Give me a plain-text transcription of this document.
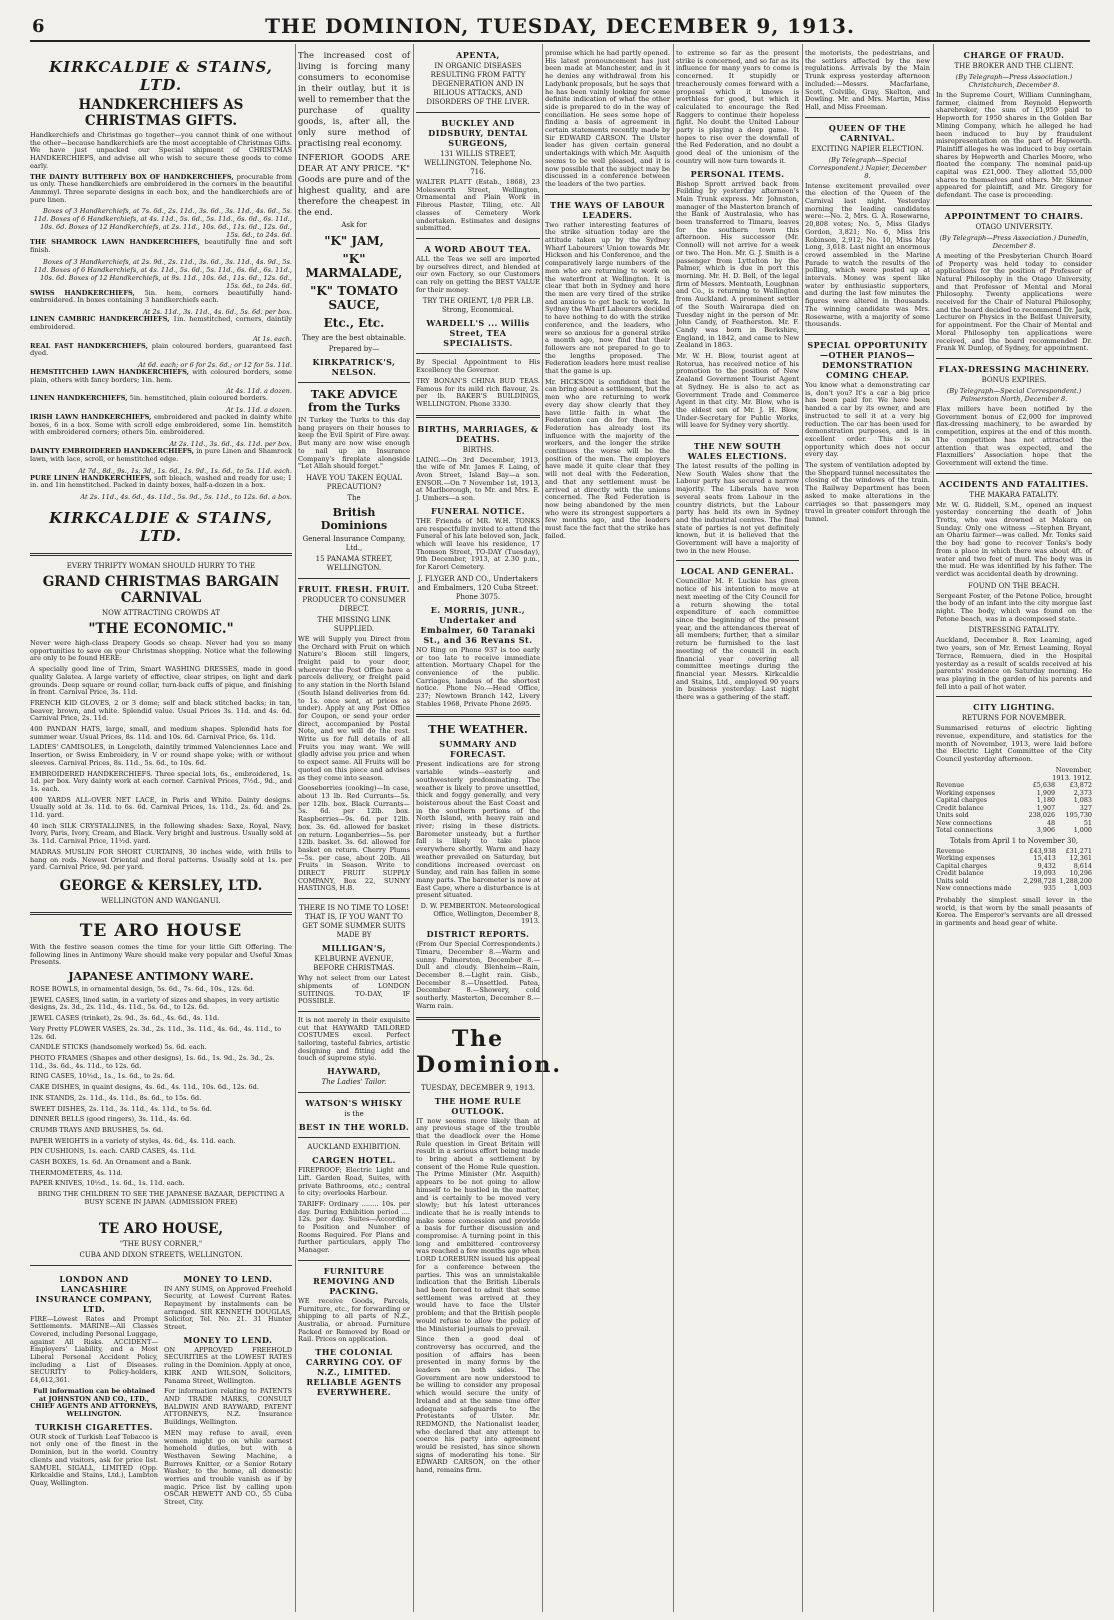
6	THE DOMINION, TUESDAY, DECEMBER 9, 1913.
KIRKCALDIE & STAINS, LTD.
HANDKERCHIEFS AS CHRISTMAS GIFTS.

Handkerchiefs and Christmas go together—you cannot think of one without the other—because handkerchiefs are the most acceptable of Christmas Gifts. We have just unpacked our Special shipment of CHRISTMAS HANDKERCHIEFS, and advise all who wish to secure these goods to come early.

THE DAINTY BUTTERFLY BOX OF HANDKERCHIEFS, procurable from us only. These handkerchiefs are embroidered in the corners in the beautiful Ammmyl. Three separate designs in each box, and the handkerchiefs are of pure linen.

Boxes of 3 Handkerchiefs, at 7s. 6d., 2s. 11d., 3s. 6d., 3s. 11d., 4s. 6d., 5s. 11d. Boxes of 6 Handkerchiefs, at 4s. 11d., 5s. 6d., 5s. 11d., 6s. 6d., 6s. 11d., 10s. 6d. Boxes of 12 Handkerchiefs, at 2s. 11d., 10s. 6d., 11s. 6d., 12s. 6d., 15s. 6d., to 24s. 6d.

THE SHAMROCK LAWN HANDKERCHIEFS, beautifully fine and soft finish.

Boxes of 3 Handkerchiefs, at 2s. 9d., 2s. 11d., 3s. 6d., 3s. 11d., 4s. 9d., 5s. 11d. Boxes of 6 Handkerchiefs, at 4s. 11d., 5s. 6d., 5s. 11d., 6s. 6d., 6s. 11d., 10s. 6d. Boxes of 12 Handkerchiefs, at 9s. 11d., 10s. 6d., 11s. 6d., 12s. 6d., 15s. 6d., to 24s. 6d.

SWISS HANDKERCHIEFS, 5in. hem, corners beautifully hand-embroidered. In boxes containing 3 handkerchiefs each.

At 2s. 11d., 3s. 11d., 4s. 6d., 5s. 6d. per box.

LINEN CAMBRIC HANDKERCHIEFS, 1in. hemstitched, corners, daintily embroidered.

At 1s. each.

REAL FAST HANDKERCHIEFS, plain coloured borders, guaranteed fast dyed.

At 6d. each; or 6 for 2s. 6d.; or 12 for 5s. 11d.

HEMSTITCHED LAWN HANDKERCHIEFS, with coloured borders, some plain, others with fancy borders; 1in. hem.

At 4s. 11d. a dozen.

LINEN HANDKERCHIEFS, 5in. hemstitched, plain coloured borders.

At 1s. 11d. a dozen.

IRISH LAWN HANDKERCHIEFS, embroidered and packed in dainty white boxes, 6 in a box. Some with scroll edge embroidered, some 1in. hemstitch with embroidered corners; others 5in. embroidered.

At 2s. 11d., 3s. 6d., 4s. 11d. per box.

DAINTY EMBROIDERED HANDKERCHIEFS, in pure Linen and Shamrock lawn, with lace, scroll, or hemstitched edge.

At 7d., 8d., 9s., 1s. 3d., 1s. 6d., 1s. 9d., 1s. 6d., to 5s. 11d. each.

PURE LINEN HANDKERCHIEFS, soft bleach, washed and ready for use; 1 in. and 1in hemstitched. Packed in dainty boxes, half-a-dozen in a box.

At 2s. 11d., 4s. 6d., 4s. 11d., 5s. 9d., 5s. 11d., to 12s. 6d. a box.
KIRKCALDIE & STAINS, LTD.
EVERY THRIFTY WOMAN SHOULD HURRY TO THE
GRAND CHRISTMAS BARGAIN CARNIVAL
NOW ATTRACTING CROWDS AT
"THE ECONOMIC."

Never were high-class Drapery Goods so cheap. Never had you so many opportunities to save on your Christmas shopping. Notice what the following are only to be found HERE:

A specially good line of Trim, Smart WASHING DRESSES, made in good quality Galatea. A large variety of effective, clear stripes, on light and dark grounds. Deep square or round collar, turn-back cuffs of pique, and finishing in front. Carnival Price, 3s. 11d.

FRENCH KID GLOVES, 2 or 3 dome; self and black stitched backs; in tan, beaver, brown, and white. Splendid value. Usual Prices 3s. 11d. and 4s. 6d. Carnival Price, 2s. 11d.

400 PANDAN HATS, large, small, and medium shapes. Splendid hats for summer wear. Usual Prices, 8s. 11d. and 10s. 6d. Carnival Price, 6s. 11d.

LADIES' CAMISOLES, in Longcloth, daintily trimmed Valenciennes Lace and Insertion, or Swiss Embroidery, in V or round shape yoke; with or without sleeves. Carnival Prices, 8s. 11d., 5s. 6d., to 10s. 6d.

EMBROIDERED HANDKERCHIEFS. Three special lots, 6s., embroidered, 1s. 1d. per box. Very dainty work at each corner. Carnival Prices, 7½d., 9d., and 1s. each.

400 YARDS ALL-OVER NET LACE, in Paris and White. Dainty designs. Usually sold at 3s. 11d. to 6s. 6d. Carnival Prices, 1s. 11d., 2s. 6d. and 2s. 11d. yard.

40 inch SILK CRYSTALLINES, in the following shades: Saxe, Royal, Navy, Ivory, Paris, Ivory, Cream, and Black. Very bright and lustrous. Usually sold at 3s. 11d. Carnival Price, 11½d. yard.

MADRAS MUSLIN FOR SHORT CURTAINS, 30 inches wide, with frills to hang on rods. Newest Oriental and floral patterns. Usually sold at 1s. per yard. Carnival Price, 9d. per yard.

GEORGE & KERSLEY, LTD.
WELLINGTON AND WANGANUI.
TE ARO HOUSE

With the festive season comes the time for your little Gift Offering. The following lines in Antimony Ware should make very popular and Useful Xmas Presents.

JAPANESE ANTIMONY WARE.

ROSE BOWLS, in ornamental design, 5s. 6d., 7s. 6d., 10s., 12s. 6d.

JEWEL CASES, lined satin, in a variety of sizes and shapes, in very artistic designs, 2s. 3d., 2s. 11d., 4s. 11d., 5s. 6d., to 12s. 6d.

JEWEL CASES (trinket), 2s. 9d., 3s. 6d., 4s. 6d., 4s. 11d.

Very Pretty FLOWER VASES, 2s. 3d., 2s. 11d., 3s. 11d., 4s. 6d., 4s. 11d., to 12s. 6d.

CANDLE STICKS (handsomely worked) 5s. 6d. each.

PHOTO FRAMES (Shapes and other designs), 1s. 6d., 1s. 9d., 2s. 3d., 2s. 11d., 3s. 6d., 4s. 11d., to 12s. 6d.

RING CASES, 10½d., 1s., 1s. 6d., to 2s. 6d.

CAKE DISHES, in quaint designs, 4s. 6d., 4s. 11d., 10s. 6d., 12s. 6d.

INK STANDS, 2s. 11d., 4s. 11d., 8s. 6d., to 15s. 6d.

SWEET DISHES, 2s. 11d., 3s. 11d., 4s. 11d., to 5s. 6d.

DINNER BELLS (good ringers), 3s. 11d., 4s. 6d.

CRUMB TRAYS AND BRUSHES, 5s. 6d.

PAPER WEIGHTS in a variety of styles, 4s. 6d., 4s. 11d. each.

PIN CUSHIONS, 1s. each. CARD CASES, 4s. 11d.

CASH BOXES, 1s. 6d. An Ornament and a Bank.

THERMOMETERS, 4s. 11d.

PAPER KNIVES, 10½d., 1s. 6d., 1s. 11d. each.

BRING THE CHILDREN TO SEE THE JAPANESE BAZAAR, DEPICTING A BUSY SCENE IN JAPAN. (ADMISSION FREE)

TE ARO HOUSE,
"THE BUSY CORNER,"
CUBA AND DIXON STREETS, WELLINGTON.
LONDON AND LANCASHIRE INSURANCE COMPANY, LTD.

FIRE—Lowest Rates and Prompt Settlements. MARINE—All Classes Covered, including Personal Luggage, against All Risks. ACCIDENT—Employers' Liability, and a Most Liberal Personal Accident Policy, including a List of Diseases. SECURITY to Policy-holders, £4,612,361.

Full information can be obtained at JOHNSTON AND CO., LTD., CHIEF AGENTS AND ATTORNEYS, WELLINGTON.

TURKISH CIGARETTES.

OUR stock of Turkish Leaf Tobacco is not only one of the finest in the Dominion, but in the world. Country clients and visitors, ask for price list. SAMUEL SIGALL, LIMITED (Opp. Kirkcaldie and Stains, Ltd.), Lambton Quay, Wellington.

MONEY TO LEND.

IN ANY SUMS, on Approved Freehold Security, at Lowest Current Rates. Repayment by instalments can be arranged. SIR KENNETH DOUGLAS, Solicitor, Tel. No. 21. 31 Hunter Street.

MONEY TO LEND.

ON APPROVED FREEHOLD SECURITIES at the LOWEST RATES ruling in the Dominion. Apply at once, KIRK AND WILSON, Solicitors, Panama Street, Wellington.

For information relating to PATENTS AND TRADE MARKS, CONSULT BALDWIN AND RAYWARD, PATENT ATTORNEYS, N.Z. Insurance Buildings, Wellington.

MEN may refuse to avail, even women might go on while earnest homehold duties, but with a Westhaven Sewing Machine, a Burrows Knitter, or a Senior Rotary Washer, to the home, all domestic worries and trouble vanish as if by magic. Price list by calling upon OSCAR HEWETT AND CO., 55 Cuba Street, City.

The increased cost of living is forcing many consumers to economise in their outlay, but it is well to remember that the purchase of quality goods, is, after all, the only sure method of practising real economy.

INFERIOR GOODS ARE DEAR AT ANY PRICE. "K" Goods are pure and of the highest quality, and are therefore the cheapest in the end.

Ask for
"K" JAM,
"K" MARMALADE,
"K" TOMATO SAUCE,
Etc., Etc.

They are the best obtainable.

Prepared by—

KIRKPATRICK'S, NELSON.
TAKE ADVICE from the Turks

IN Turkey the Turks to this day hang prayers on their houses to keep the Evil Spirit of Fire away. But many are now wise enough to nail up an Insurance Company's fireplate alongside "Let Allah should forget."

HAVE YOU TAKEN EQUAL PRECAUTION?
The
British Dominions
General Insurance Company, Ltd.,
15 PANAMA STREET, WELLINGTON.
FRUIT. FRESH. FRUIT.
PRODUCER TO CONSUMER DIRECT.
THE MISSING LINK SUPPLIED.

WE will Supply you Direct from the Orchard with Fruit on which Nature's Bloom still lingers, freight paid to your door, wherever the Post Office have a parcels delivery, or freight paid to any station in the North Island (South Island deliveries from 6d. to 1s. once sent, at prices as under). Apply at any Post Office for Coupon, or send your order direct, accompanied by Postal Note, and we will do the rest. Write us for full details of all Fruits you may want. We will gladly advise you price and when to expect same. All Fruits will be quoted on this piece and advises as they come into season.

Gooseberries (cooking)—In case, about 13 lb. Red Currants—5s. per 12lb. box. Black Currants—5s. 6d. per 12lb. box. Raspberries—9s. 6d. per 12lb. box. 3s. 6d. allowed for basket on return. Loganberries—5s. per 12lb. basket. 3s. 6d. allowed for basket on return. Cherry Plums—5s. per case, about 20lb. All Fruits in Season. Write to DIRECT FRUIT SUPPLY COMPANY, Box 22, SUNNY HASTINGS, H.B.

THERE IS NO TIME TO LOSE! THAT IS, IF YOU WANT TO GET SOME SUMMER SUITS MADE BY

MILLIGAN'S,
KELBURNE AVENUE, BEFORE CHRISTMAS.

Why not select from our Latest shipments of LONDON SUITINGS. TO-DAY, IF POSSIBLE.

It is not merely in their exquisite cut that HAYWARD TAILORED COSTUMES excel. Perfect tailoring, tasteful fabrics, artistic designing and fitting add the touch of supreme style.

HAYWARD,
The Ladies' Tailor.
WATSON'S WHISKY
is the
BEST IN THE WORLD.
AUCKLAND EXHIBITION.
CARGEN HOTEL.

FIREPROOF; Electric Light and Lift. Garden Road, Suites, with private Bathrooms, etc.; central to city; overlooks Harbour.

TARIFF: Ordinary ........ 10s. per day. During Exhibition period .... 12s. per day. Suites—According to Position and Number of Rooms Required. For Plans and further particulars, apply The Manager.

FURNITURE REMOVING AND PACKING.

WE receive Goods, Parcels, Furniture, etc., for forwarding or shipping to all parts of N.Z., Australia, or abroad. Furniture Packed or Removed by Road or Rail. Prices on application.

THE COLONIAL CARRYING COY. OF N.Z., LIMITED. RELIABLE AGENTS EVERYWHERE.
APENTA,

IN ORGANIC DISEASES RESULTING FROM FATTY DEGENERATION AND IN BILIOUS ATTACKS, AND DISORDERS OF THE LIVER.

BUCKLEY AND DIDSBURY, DENTAL SURGEONS,
131 WILLIS STREET, WELLINGTON. Telephone No. 716.

WALTER PLATT (Estab., 1868), 23 Molesworth Street, Wellington, Ornamental and Plain Work in Fibrous Plaster, Tiling, etc. All classes of Cemetery Work undertaken. Estimates and designs submitted.

A WORD ABOUT TEA.

ALL the Teas we sell are imported by ourselves direct, and blended at our own Factory, so our Customers can rely on getting the BEST VALUE for their money.

TRY THE ORIENT, 1/8 PER LB. Strong, Economical.
WARDELL'S ... Willis Street, TEA SPECIALISTS.

By Special Appointment to His Excellency the Governor.

TRY BONAN'S CHINA BUD TEAS. Famous for its mild rich flavour, 2s. per lb. BAKER'S BUILDINGS, WELLINGTON. Phone 3330.

BIRTHS, MARRIAGES, & DEATHS.
BIRTHS.

LAING.—On 3rd December, 1913, the wife of Mr. James F. Laing, of Avon Street, Island Bay—a son. ENSOR.—On 7 November 1st, 1913, at Marlborough, to Mr. and Mrs. E. J. Umbers—a son.

FUNERAL NOTICE.

THE Friends of MR. W.H. TONKS are respectfully invited to attend the Funeral of his late beloved son, Jack, which will leave his residence, 17 Thomson Street, TO-DAY (Tuesday), 9th December, 1913, at 2.30 p.m., for Karori Cemetery.

J. FLYGER AND CO., Undertakers and Embalmers, 120 Cuba Street. Phone 3075.

E. MORRIS, JUNR., Undertaker and Embalmer, 60 Taranaki St., and 36 Revans St.

NO Ring on Phone 937 is too early or too late to receive immediate attention. Mortuary Chapel for the convenience of the public. Carriages, landaus of the shortest notice. Phone No.—Head Office, 237; Newtown Branch 142, Livery Stables 1968, Private Phone 2695.

THE WEATHER.
SUMMARY AND FORECAST.

Present indications are for strong variable winds—easterly and southwesterly predominating. The weather is likely to prove unsettled, thick and foggy generally, and very boisterous about the East Coast and in the southern portions of the North Island, with heavy rain and river; rising in these districts. Barometer unsteady, but a further fall is likely to take place everywhere shortly. Warm and hazy weather prevailed on Saturday, but conditions increased overcast on Sunday, and rain has fallen in some many parts. The barometer is now at East Cape, where a disturbance is at present situated.

D. W. PEMBERTON. Meteorological Office, Wellington, December 8, 1913.

DISTRICT REPORTS.

(From Our Special Correspondents.) Timaru, December 8.—Warm and sunny. Palmerston, December 8.—Dull and cloudy. Blenheim—Rain, December 8.—Light rain. Gisb., December 8.—Unsettled. Patea, December 8.—Showery, cold southerly. Masterton, December 8.—Warm rain.

The Dominion.
TUESDAY, DECEMBER 9, 1913.
THE HOME RULE OUTLOOK.

IT now seems more likely than at any previous stage of the trouble that the deadlock over the Home Rule question in Great Britain will result in a serious effort being made to bring about a settlement by consent of the Home Rule question. The Prime Minister (Mr. Asquith) appears to be not going to allow himself to be hustled in the matter, and is certainly to be moved very slowly; but his latest utterances indicate that he is really intends to make some concession and provide a basis for further discussion and compromise. A turning point in this long and embittered controversy was reached a few months ago when LORD LOREBURN issued his appeal for a conference between the parties. This was an unmistakable indication that the British Liberals had been forced to admit that some settlement was arrived at they would have to face the Ulster problem; and that the British people would refuse to allow the policy of the Ministerial journals to prevail.

Since then a good deal of controversy has occurred, and the position of affairs has been presented in many forms by the leaders on both sides. The Government are now understood to be willing to consider any proposal which would secure the unity of Ireland and at the same time offer adequate safeguards to the Protestants of Ulster. Mr. REDMOND, the Nationalist leader, who declared that any attempt to coerce his party into agreement would be resisted, has since shown signs of moderating his tone. Sir EDWARD CARSON, on the other hand, remains firm.

promise which he had partly opened. His latest pronouncement has just been made at Manchester, and in it he denies any withdrawal from his Ladybank proposals, but he says that he has been vainly looking for some definite indication of what the other side is prepared to do in the way of conciliation. He sees some hope of finding a basis of agreement in certain statements recently made by Sir EDWARD CARSON. The Ulster leader has given certain general undertakings with which Mr. Asquith seems to be well pleased, and it is now possible that the subject may be discussed in a conference between the leaders of the two parties.

THE WAYS OF LABOUR LEADERS.

Two rather interesting features of the strike situation today are the attitude taken up by the Sydney Wharf Labourers' Union towards Mr. Hickson and his Conference, and the comparatively large numbers of the men who are returning to work on the waterfront at Wellington. It is clear that both in Sydney and here the men are very tired of the strike and anxious to get back to work. In Sydney the Wharf Labourers decided to have nothing to do with the strike conference, and the leaders, who were so anxious for a general strike a month ago, now find that their followers are not prepared to go to the lengths proposed. The Federation leaders here must realise that the game is up.

Mr. HICKSON is confident that he can bring about a settlement, but the men who are returning to work every day show clearly that they have little faith in what the Federation can do for them. The Federation has already lost its influence with the majority of the workers, and the longer the strike continues the worse will be the position of the men. The employers have made it quite clear that they will not deal with the Federation, and that any settlement must be arrived at directly with the unions concerned. The Red Federation is now being abandoned by the men who were its strongest supporters a few months ago, and the leaders must face the fact that the strike has failed.

to extreme so far as the present strike is concerned, and so far as its influence for many years to come is concerned. It stupidly or treacherously comes forward with a proposal which it knows is worthless for good, but which it calculated to encourage the Red Raggers to continue their hopeless fight. No doubt the United Labour party is playing a deep game. It hopes to rise over the downfall of the Red Federation, and no doubt a good deal of the unionism of the country will now turn towards it.

PERSONAL ITEMS.

Bishop Sprott arrived back from Feilding by yesterday afternoon's Main Trunk express. Mr. Johnston, manager of the Masterton branch of the Bank of Australasia, who has been transferred to Timaru, leaves for the southern town this afternoon. His successor (Mr. Connoll) will not arrive for a week or two. The Hon. Mr. G. J. Smith is a passenger from Lyttelton by the Palmer, which is due in port this morning. Mr. H. D. Bell, of the legal firm of Messrs. Menteath, Loughnan and Co., is returning to Wellington from Auckland. A prominent settler of the South Wairarapa died on Tuesday night in the person of Mr. John Candy, of Featherston. Mr. F. Candy was born in Berkshire, England, in 1842, and came to New Zealand in 1863.

Mr. W. H. Blow, tourist agent at Rotorua, has received notice of his promotion to the position of New Zealand Government Tourist Agent at Sydney. He is also to act as Government Trade and Commerce Agent in that city. Mr. Blow, who is the eldest son of Mr. J. H. Blow, Under-Secretary for Public Works, will leave for Sydney very shortly.

THE NEW SOUTH WALES ELECTIONS.

The latest results of the polling in New South Wales show that the Labour party has secured a narrow majority. The Liberals have won several seats from Labour in the country districts, but the Labour party has held its own in Sydney and the industrial centres. The final state of parties is not yet definitely known, but it is believed that the Government will have a majority of two in the new House.

LOCAL AND GENERAL.

Councillor M. F. Luckie has given notice of his intention to move at next meeting of the City Council for a return showing the total expenditure of each committee since the beginning of the present year, and the attendances thereat of all members; further, that a similar return be furnished to the last meeting of the council in each financial year covering all committee meetings during the financial year. Messrs. Kirkcaldie and Stains, Ltd., employed 90 years in business yesterday. Last night there was a gathering of the staff.

the motorists, the pedestrians, and the settlers affected by the new regulations. Arrivals by the Main Trunk express yesterday afternoon included:—Messrs. Macfarlane, Scott, Colville, Gray, Skelton, and Dowling. Mr. and Mrs. Martin, Miss Hall, and Miss Freeman.

QUEEN OF THE CARNIVAL.
EXCITING NAPIER ELECTION.
(By Telegraph—Special Correspondent.) Napier, December 8.

Intense excitement prevailed over the election of the Queen of the Carnival last night. Yesterday morning the leading candidates were:—No. 2, Mrs. G. A. Rosewarne, 20,808 votes; No. 5, Miss Gladys Gordon, 3,821; No. 6, Miss Iris Robinson, 2,912; No. 10, Miss May Long, 3,618. Last night an enormous crowd assembled in the Marine Parade to watch the results of the polling, which were posted up at intervals. Money was spent like water by enthusiastic supporters, and during the last few minutes the figures were altered in thousands. The winning candidate was Mrs. Rosewarne, with a majority of some thousands.

SPECIAL OPPORTUNITY—OTHER PIANOS—DEMONSTRATION COMING CHEAP.

You know what a demonstrating car is, don't you? It's a car a big price has been paid for. We have been handed a car by its owner, and are instructed to sell it at a very big reduction. The car has been used for demonstration purposes, and is in excellent order. This is an opportunity which does not occur every day.

The system of ventilation adopted by the Sheppard tunnel necessitates the closing of the windows of the train. The Railway Department has been asked to make alterations in the carriages so that passengers may travel in greater comfort through the tunnel.

CHARGE OF FRAUD.
THE BROKER AND THE CLIENT.
(By Telegraph—Press Association.) Christchurch, December 8.

In the Supreme Court, William Cunningham, farmer, claimed from Reynold Hepworth sharebroker, the sum of £1,959 paid to Hepworth for 1950 shares in the Golden Bar Mining Company, which he alleged he had been induced to buy by fraudulent misrepresentation on the part of Hepworth. Plaintiff alleges he was induced to buy certain shares by Hepworth and Charles Moore, who floated the company. The nominal paid-up capital was £21,000. They allotted 55,000 shares to themselves and others. Mr. Skinner appeared for plaintiff, and Mr. Gregory for defendant. The case is proceeding.

APPOINTMENT TO CHAIRS.
OTAGO UNIVERSITY.
(By Telegraph—Press Association.) Dunedin, December 8.

A meeting of the Presbyterian Church Board of Property was held today to consider applications for the position of Professor of Natural Philosophy in the Otago University, and that Professor of Mental and Moral Philosophy. Twenty applications were received for the Chair of Natural Philosophy, and the board decided to recommend Dr. Jack, Lecturer on Physics in the Belfast University, for appointment. For the Chair of Mental and Moral Philosophy ten applications were received, and the board recommended Dr. Frank W. Dunlop, of Sydney, for appointment.

FLAX-DRESSING MACHINERY.
BONUS EXPIRES.
(By Telegraph—Special Correspondent.) Palmerston North, December 8.

Flax millers have been notified by the Government bonus of £2,000 for improved flax-dressing machinery, to be awarded by competition, expires at the end of this month. The competition has not attracted the attention that was expected, and the Flaxmillers' Association hope that the Government will extend the time.

ACCIDENTS AND FATALITIES.
THE MAKARA FATALITY.

Mr. W. G. Riddell, S.M., opened an inquest yesterday concerning the death of John Trotts, who was drowned at Makara on Sunday. Only one witness —Stephen Bryant, an Ohariu farmer—was called. Mr. Tonks said the boy had gone to recover Tonks's body from a place in which there was about 4ft. of water and two feet of mud. The body was in the mud. He was identified by his father. The verdict was accidental death by drowning.

FOUND ON THE BEACH.

Sergeant Foster, of the Petone Police, brought the body of an infant into the city morgue last night. The body, which was found on the Petone beach, was in a decomposed state.

DISTRESSING FATALITY.

Auckland, December 8. Rex Leaming, aged two years, son of Mr. Ernest Leaming, Royal Terrace, Remuera, died in the Hospital yesterday as a result of scalds received at his parents' residence on Saturday morning. He was playing in the garden of his parents and fell into a pail of hot water.

CITY LIGHTING.
RETURNS FOR NOVEMBER.

Summarised returns of electric lighting revenue, expenditure, and statistics for the month of November, 1913, were laid before the Electric Light Committee of the City Council yesterday afternoon.

November,
1913. 1912.
Revenue	£5,638	£3,872
Working expenses	1,909	2,373
Capital charges	1,180	1,083
Credit balance	1,907	327
Units sold	238,026	195,730
New connections	48	51
Total connections	3,906	1,000

Totals from April 1 to November 30,

Revenue	£43,938	£31,271
Working expenses	15,413	12,361
Capital charges	9,432	8,614
Credit balance	19,093	10,296
Units sold	2,298,728	1,288,200
New connections made	935	1,003

Probably the simplest small lever in the world, is that worn by the small peasants of Korea. The Emperor's servants are all dressed in garments and head gear of white.
